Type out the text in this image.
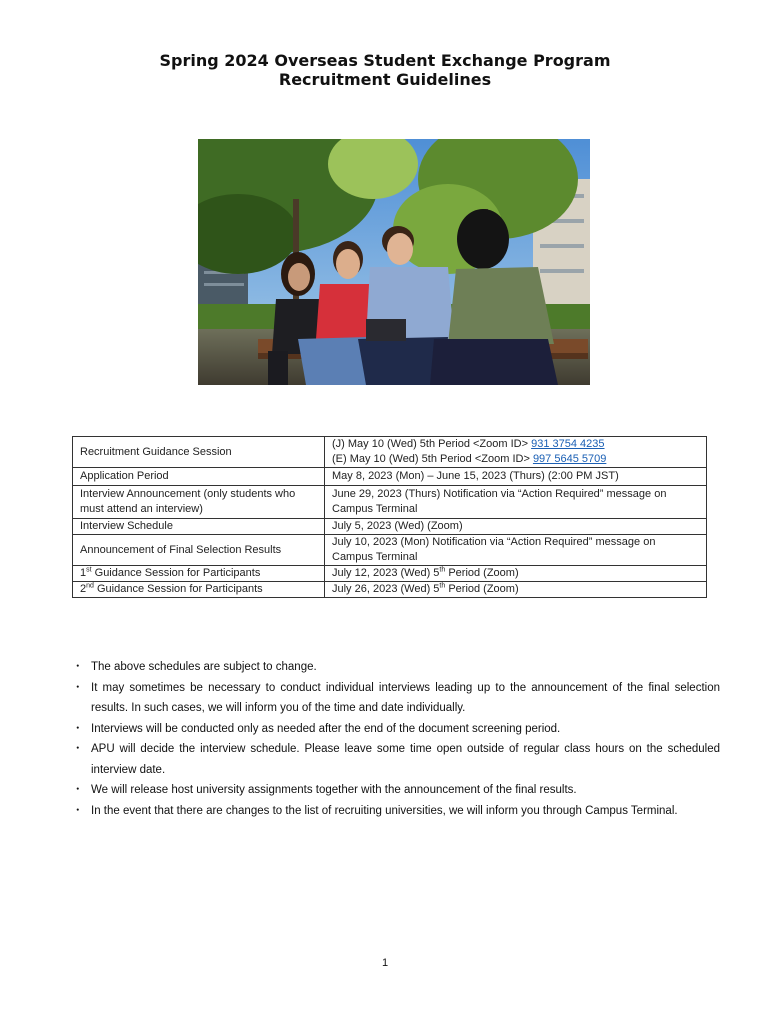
Spring 2024 Overseas Student Exchange Program
Recruitment Guidelines
Recruitment Guidance Session	(J) May 10 (Wed) 5th Period <Zoom ID> 931 3754 4235
(E) May 10 (Wed) 5th Period <Zoom ID> 997 5645 5709
Application Period	May 8, 2023 (Mon) – June 15, 2023 (Thurs) (2:00 PM JST)
Interview Announcement (only students who
must attend an interview)	June 29, 2023 (Thurs) Notification via “Action Required” message on
Campus Terminal
Interview Schedule	July 5, 2023 (Wed) (Zoom)
Announcement of Final Selection Results	July 10, 2023 (Mon) Notification via “Action Required” message on
Campus Terminal
1st Guidance Session for Participants	July 12, 2023 (Wed) 5th Period (Zoom)
2nd Guidance Session for Participants	July 26, 2023 (Wed) 5th Period (Zoom)
・ The above schedules are subject to change.
・ It may sometimes be necessary to conduct individual interviews leading up to the announcement of the final selection results. In such cases, we will inform you of the time and date individually.
・ Interviews will be conducted only as needed after the end of the document screening period.
・ APU will decide the interview schedule. Please leave some time open outside of regular class hours on the scheduled interview date.
・ We will release host university assignments together with the announcement of the final results.
・ In the event that there are changes to the list of recruiting universities, we will inform you through Campus Terminal.
1
